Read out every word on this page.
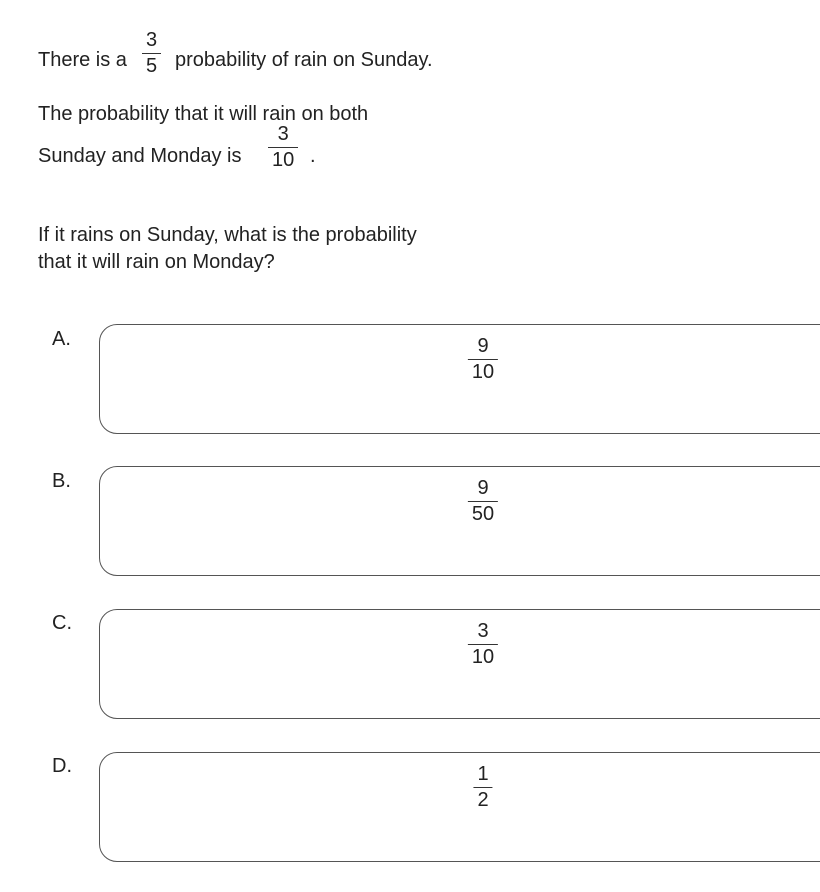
There is a
3
5 probability of rain on Sunday.
The probability that it will rain on both
Sunday and Monday is
3
10 .
If it rains on Sunday, what is the probability
that it will rain on Monday?
A.	9
10
B.	9
50
C.	3
10
D.	1
2
